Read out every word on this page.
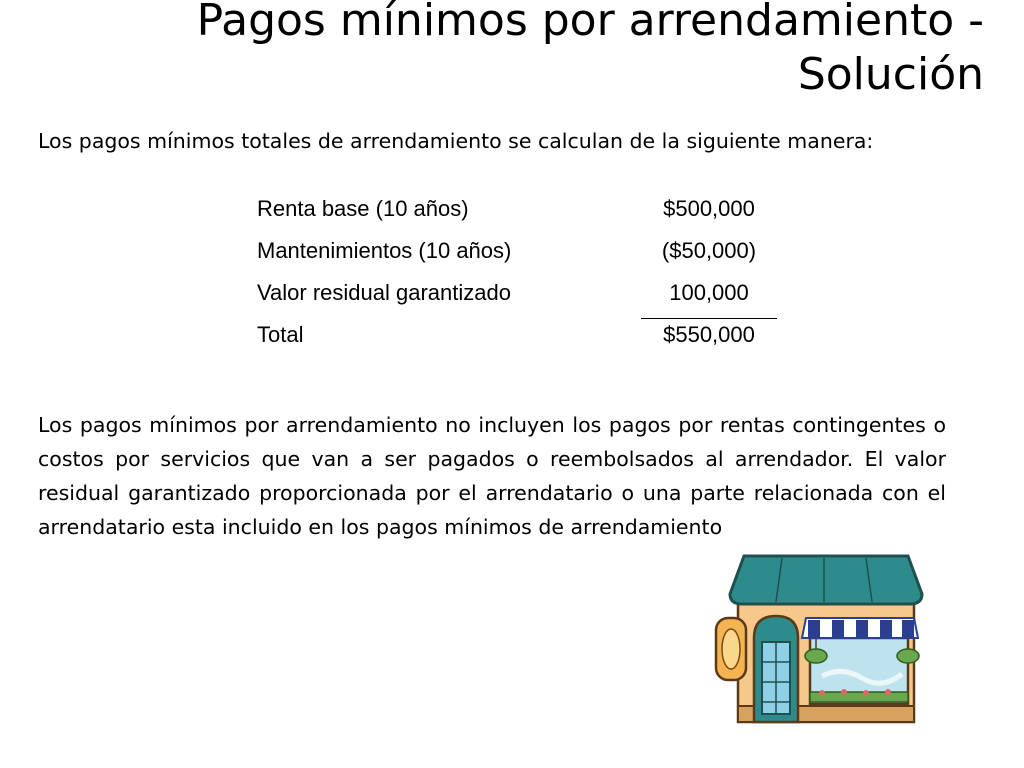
Pagos mínimos por arrendamiento - Solución

Los pagos mínimos totales de arrendamiento se calculan de la siguiente manera:

Renta base (10 años)	$500,000
Mantenimientos (10 años)	($50,000)
Valor residual garantizado	100,000
Total	$550,000

Los pagos mínimos por arrendamiento no incluyen los pagos por rentas contingentes o costos por servicios que van a ser pagados o reembolsados al arrendador. El valor residual garantizado proporcionada por el arrendatario o una parte relacionada con el arrendatario esta incluido en los pagos mínimos de arrendamiento
